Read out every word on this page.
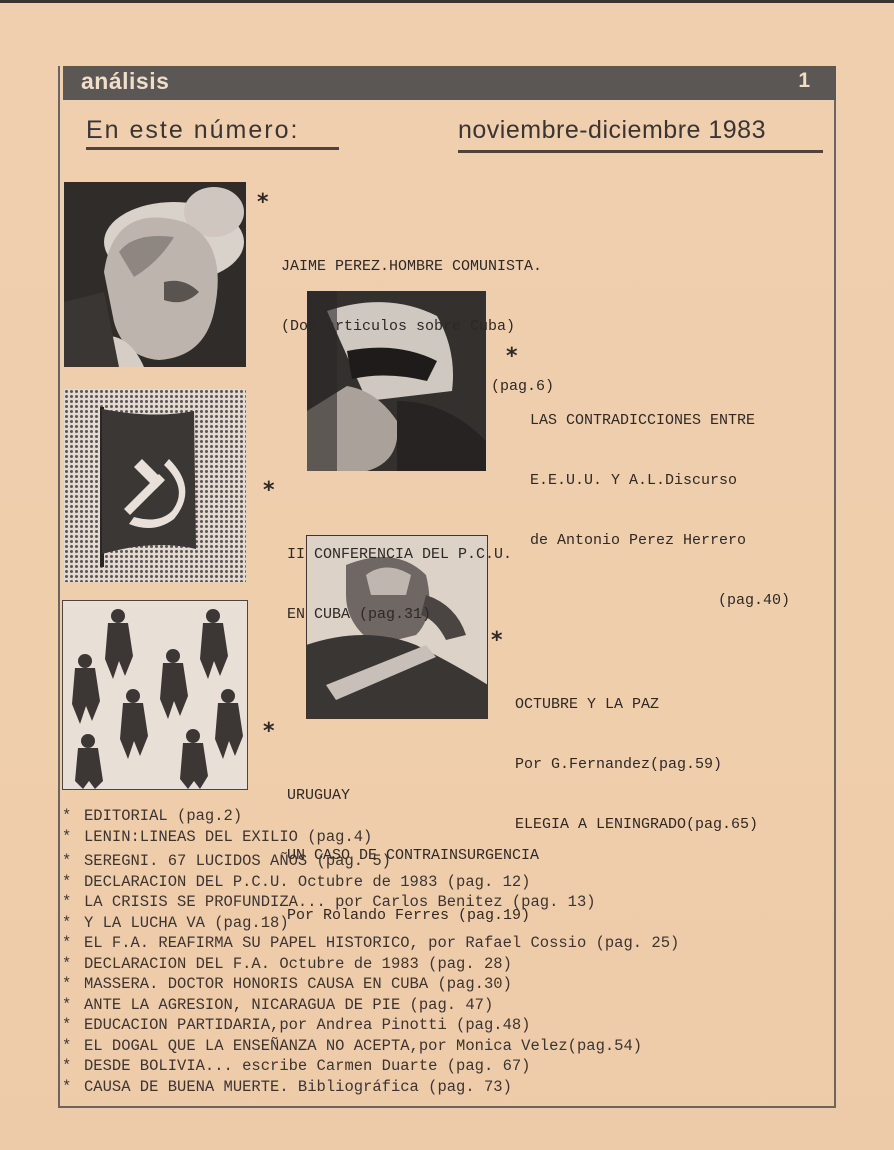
análisis	1
En este número:	noviembre-diciembre 1983

*

JAIME PEREZ.HOMBRE COMUNISTA.

(Dos articulos sobre Cuba)

(pag.6)

*

LAS CONTRADICCIONES ENTRE

E.E.U.U. Y A.L.Discurso

de Antonio Perez Herrero

(pag.40)

*

II CONFERENCIA DEL P.C.U.

EN CUBA (pag.31)

*

OCTUBRE Y LA PAZ

Por G.Fernandez(pag.59)

ELEGIA A LENINGRADO(pag.65)

*

URUGUAY

UN CASO DE CONTRAINSURGENCIA

Por Rolando Ferres (pag.19)

* EDITORIAL (pag.2)
* LENIN:LINEAS DEL EXILIO (pag.4)
* SEREGNI. 67 LUCIDOS AÑOS (pag. 5)
* DECLARACION DEL P.C.U. Octubre de 1983 (pag. 12)
* LA CRISIS SE PROFUNDIZA... por Carlos Benitez (pag. 13)
* Y LA LUCHA VA (pag.18)
* EL F.A. REAFIRMA SU PAPEL HISTORICO, por Rafael Cossio (pag. 25)
* DECLARACION DEL F.A. Octubre de 1983 (pag. 28)
* MASSERA. DOCTOR HONORIS CAUSA EN CUBA (pag.30)
* ANTE LA AGRESION, NICARAGUA DE PIE (pag. 47)
* EDUCACION PARTIDARIA,por Andrea Pinotti (pag.48)
* EL DOGAL QUE LA ENSEÑANZA NO ACEPTA,por Monica Velez(pag.54)
* DESDE BOLIVIA... escribe Carmen Duarte (pag. 67)
* CAUSA DE BUENA MUERTE. Bibliográfica (pag. 73)
